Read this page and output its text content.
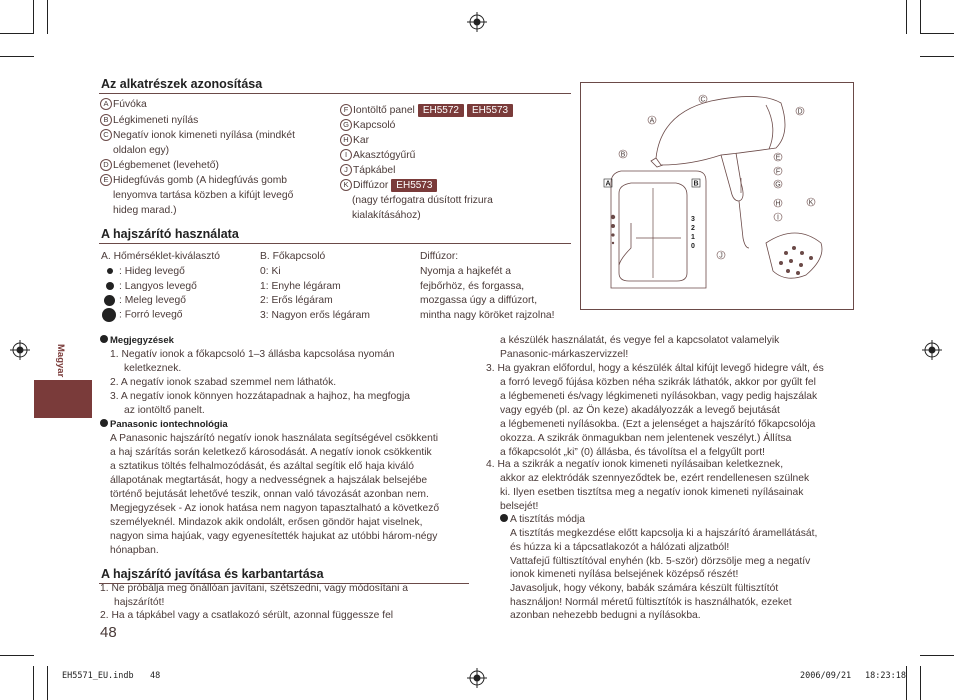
Magyar
Az alkatrészek azonosítása
A Fúvóka
B Légkimeneti nyílás
C Negatív ionok kimeneti nyílása (mindkét
oldalon egy)
D Légbemenet (levehető)
E Hidegfúvás gomb (A hidegfúvás gomb
lenyomva tartása közben a kifújt levegő
hideg marad.)
F Iontöltő panel EH5572 EH5573
G Kapcsoló
H Kar
I Akasztógyűrű
J Tápkábel
K Diffúzor EH5573
(nagy térfogatra dúsított frizura
kialakításához)
A hajszárító használata
A. Hőmérséklet-kiválasztó
: Hideg levegő
: Langyos levegő
: Meleg levegő
: Forró levegő
B. Főkapcsoló
0: Ki
1: Enyhe légáram
2: Erős légáram
3: Nagyon erős légáram
Diffúzor:
Nyomja a hajkefét a
fejbőrhöz, és forgassa,
mozgassa úgy a diffúzort,
mintha nagy köröket rajzolna!
A
B
C
D
E
F
G
H
I
J
K
A	B
3
2
1
0
Megjegyzések
1. Negatív ionok a főkapcsoló 1–3 állásba kapcsolása nyomán
keletkeznek.
2. A negatív ionok szabad szemmel nem láthatók.
3. A negatív ionok könnyen hozzátapadnak a hajhoz, ha megfogja
az iontöltő panelt.
Panasonic iontechnológia
A Panasonic hajszárító negatív ionok használata segítségével csökkenti
a haj szárítás során keletkező károsodását. A negatív ionok csökkentik
a sztatikus töltés felhalmozódását, és azáltal segítik elő haja kiváló
állapotának megtartását, hogy a nedvességnek a hajszálak belsejébe
történő bejutását lehetővé teszik, onnan való távozását azonban nem.
Megjegyzések - Az ionok hatása nem nagyon tapasztalható a következő
személyeknél. Mindazok akik ondolált, erősen göndör hajat viselnek,
nagyon sima hajúak, vagy egyenesítették hajukat az utóbbi három-négy
hónapban.
A hajszárító javítása és karbantartása
1. Ne próbálja meg önállóan javítani, szétszedni, vagy módosítani a
hajszárítót!
2. Ha a tápkábel vagy a csatlakozó sérült, azonnal függessze fel
48
a készülék használatát, és vegye fel a kapcsolatot valamelyik
Panasonic-márkaszervizzel!
3. Ha gyakran előfordul, hogy a készülék által kifújt levegő hidegre vált, és
a forró levegő fújása közben néha szikrák láthatók, akkor por gyűlt fel
a légbemeneti és/vagy légkimeneti nyílásokban, vagy pedig hajszálak
vagy egyéb (pl. az Ön keze) akadályozzák a levegő bejutását
a légbemeneti nyílásokba. (Ezt a jelenséget a hajszárító főkapcsolója
okozza. A szikrák önmagukban nem jelentenek veszélyt.) Állítsa
a főkapcsolót „ki” (0) állásba, és távolítsa el a felgyűlt port!
4. Ha a szikrák a negatív ionok kimeneti nyílásaiban keletkeznek,
akkor az elektródák szennyeződtek be, ezért rendellenesen szülnek
ki. Ilyen esetben tisztítsa meg a negatív ionok kimeneti nyílásainak
belsejét!
A tisztítás módja
A tisztítás megkezdése előtt kapcsolja ki a hajszárító áramellátását,
és húzza ki a tápcsatlakozót a hálózati aljzatból!
Vattafejű fültisztítóval enyhén (kb. 5-ször) dörzsölje meg a negatív
ionok kimeneti nyílása belsejének középső részét!
Javasoljuk, hogy vékony, babák számára készült fültisztítót
használjon! Normál méretű fültisztítók is használhatók, ezeket
azonban nehezebb bedugni a nyílásokba.
EH5571_EU.indb 48	2006/09/21 18:23:18
